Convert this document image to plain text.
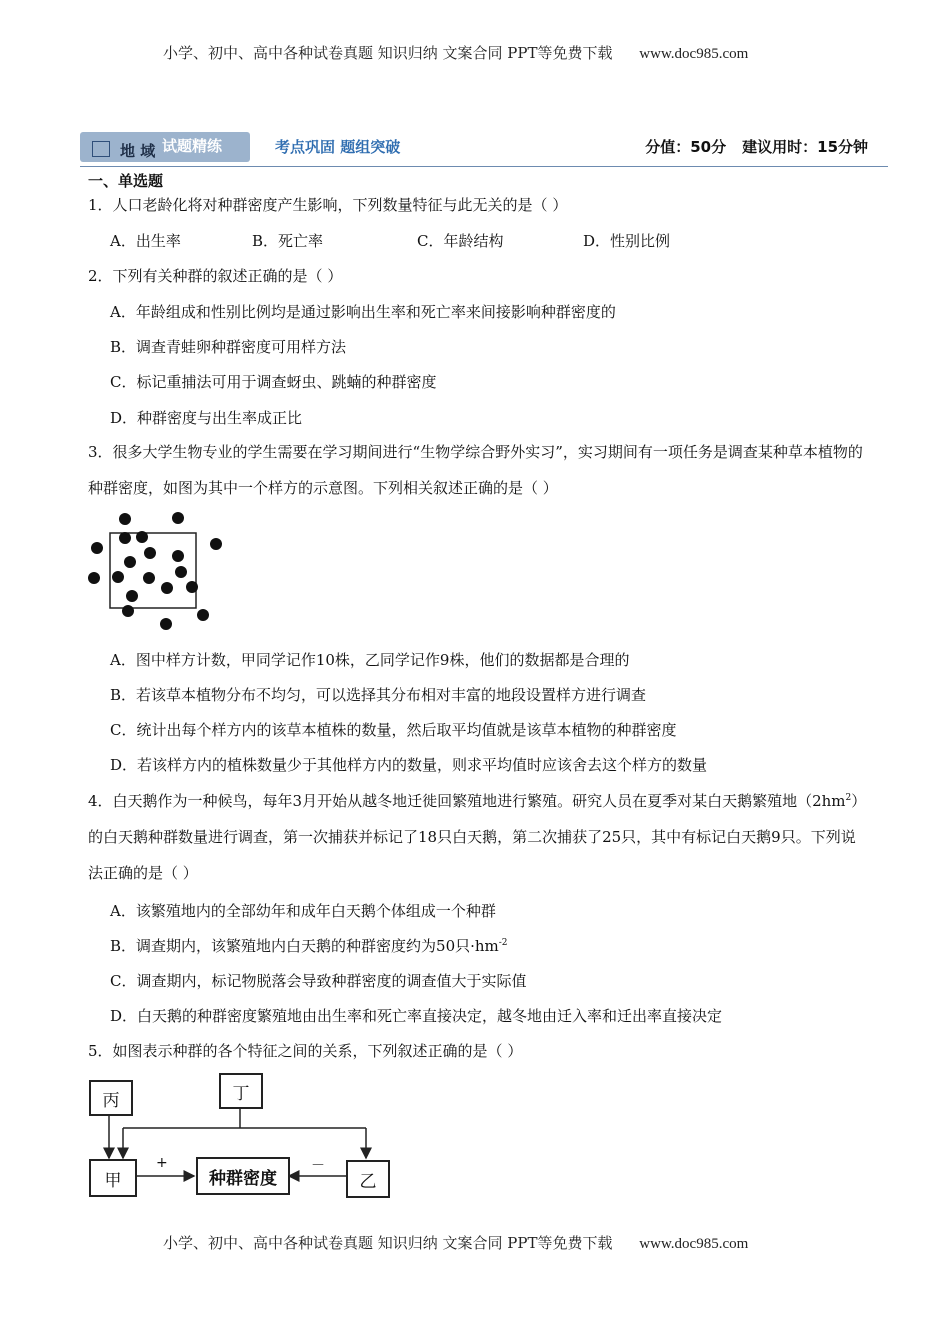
小学、初中、高中各种试卷真题 知识归纳 文案合同 PPT等免费下载 www.doc985.com
地 域 试题精练	考点巩固 题组突破	分值：50分 建议用时：15分钟
一、单选题
1．人口老龄化将对种群密度产生影响，下列数量特征与此无关的是（ ）
A．出生率	B．死亡率	C．年龄结构	D．性别比例
2．下列有关种群的叙述正确的是（ ）
A．年龄组成和性别比例均是通过影响出生率和死亡率来间接影响种群密度的
B．调查青蛙卵种群密度可用样方法
C．标记重捕法可用于调查蚜虫、跳蝻的种群密度
D．种群密度与出生率成正比
3．很多大学生物专业的学生需要在学习期间进行“生物学综合野外实习”，实习期间有一项任务是调查某种草本植物的种群密度，如图为其中一个样方的示意图。下列相关叙述正确的是（ ）
A．图中样方计数，甲同学记作10株，乙同学记作9株，他们的数据都是合理的
B．若该草本植物分布不均匀，可以选择其分布相对丰富的地段设置样方进行调查
C．统计出每个样方内的该草本植株的数量，然后取平均值就是该草本植物的种群密度
D．若该样方内的植株数量少于其他样方内的数量，则求平均值时应该舍去这个样方的数量
4．白天鹅作为一种候鸟，每年3月开始从越冬地迁徙回繁殖地进行繁殖。研究人员在夏季对某白天鹅繁殖地$(2hm^2)$的白天鹅种群数量进行调查，第一次捕获并标记了18只白天鹅，第二次捕获了25只，其中有标记白天鹅9只。下列说法正确的是（ ）
A．该繁殖地内的全部幼年和成年白天鹅个体组成一个种群
B．调查期内，该繁殖地内白天鹅的种群密度约为50只$\cdot hm^{-2}$
C．调查期内，标记物脱落会导致种群密度的调查值大于实际值
D．白天鹅的种群密度繁殖地由出生率和死亡率直接决定，越冬地由迁入率和迁出率直接决定
5．如图表示种群的各个特征之间的关系，下列叙述正确的是（ ）
丙	丁
甲	种群密度	乙
+	－
小学、初中、高中各种试卷真题 知识归纳 文案合同 PPT等免费下载 www.doc985.com
